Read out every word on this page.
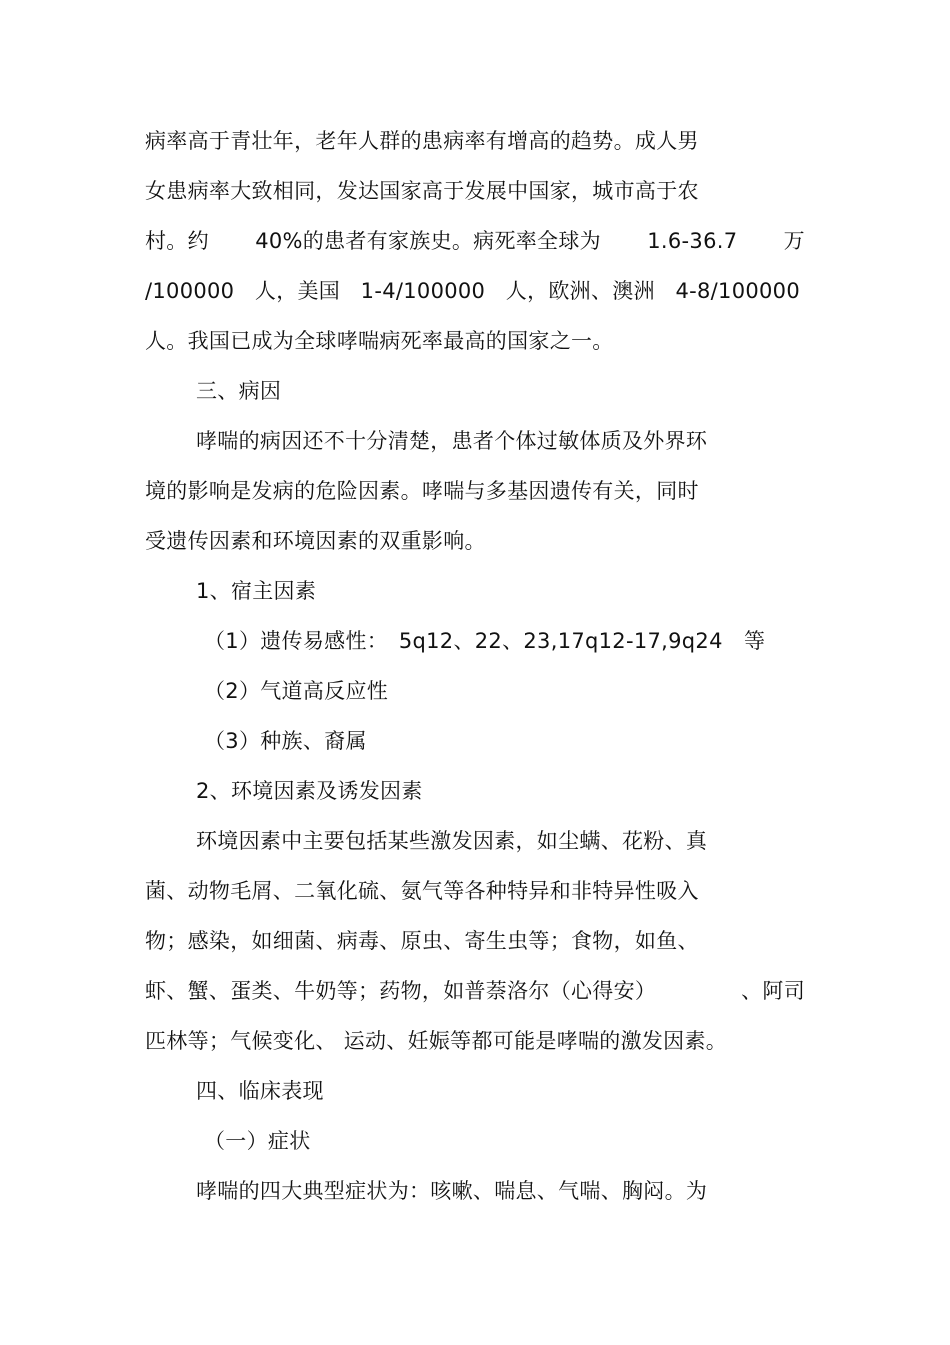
病率高于青壮年，老年人群的患病率有增高的趋势。成人男
女患病率大致相同，发达国家高于发展中国家，城市高于农
村。约 40%的患者有家族史。病死率全球为 1.6-36.7 万
/100000 人，美国 1-4/100000 人，欧洲、澳洲 4-8/100000
人。我国已成为全球哮喘病死率最高的国家之一。
三、病因
哮喘的病因还不十分清楚，患者个体过敏体质及外界环
境的影响是发病的危险因素。哮喘与多基因遗传有关，同时
受遗传因素和环境因素的双重影响。
1、宿主因素
（1）遗传易感性：　5q12、22、23,17q12-17,9q24　等
（2）气道高反应性
（3）种族、裔属
2、环境因素及诱发因素
环境因素中主要包括某些激发因素，如尘螨、花粉、真
菌、动物毛屑、二氧化硫、氨气等各种特异和非特异性吸入
物；感染，如细菌、病毒、原虫、寄生虫等；食物，如鱼、
虾、蟹、蛋类、牛奶等；药物，如普萘洛尔（心得安）	、阿司
匹林等；气候变化、 运动、妊娠等都可能是哮喘的激发因素。
四、临床表现
（一）症状
哮喘的四大典型症状为：咳嗽、喘息、气喘、胸闷。为
